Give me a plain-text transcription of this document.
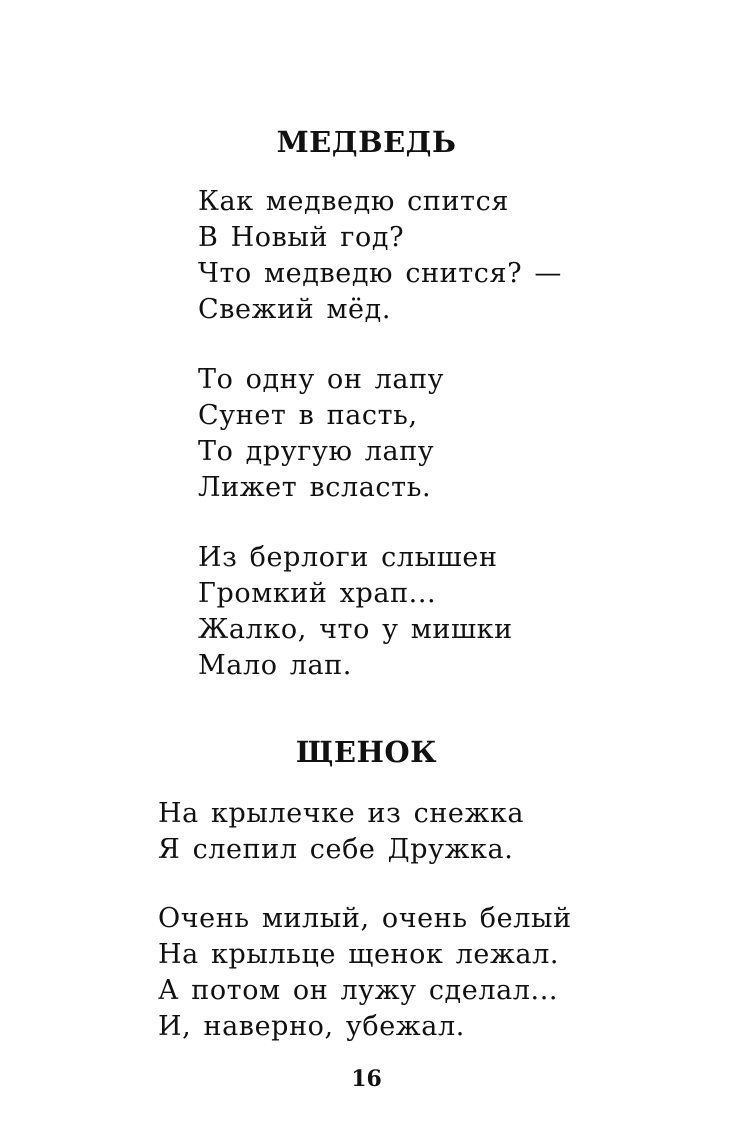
МЕДВЕДЬ
Как медведю спится
В Новый год?
Что медведю снится? —
Свежий мёд.
То одну он лапу
Сунет в пасть,
То другую лапу
Лижет всласть.
Из берлоги слышен
Громкий храп...
Жалко, что у мишки
Мало лап.
ЩЕНОК
На крылечке из снежка
Я слепил себе Дружка.
Очень милый, очень белый
На крыльце щенок лежал.
А потом он лужу сделал...
И, наверно, убежал.
16
